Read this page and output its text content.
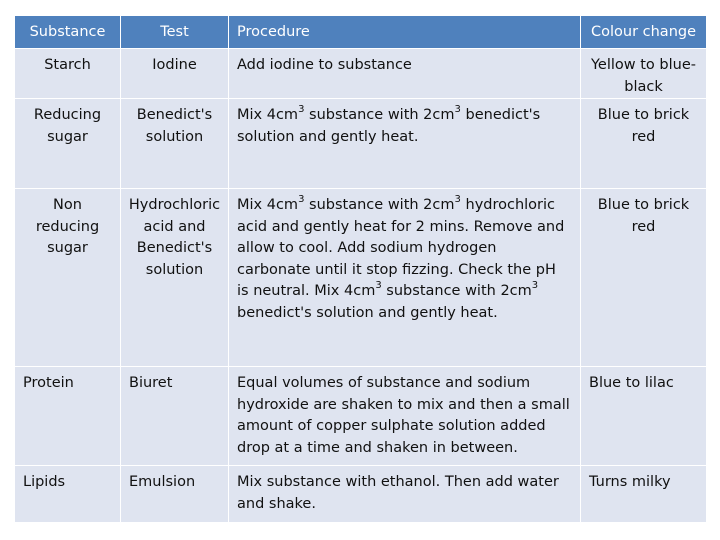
Substance	Test	Procedure	Colour change
Starch	Iodine	Add iodine to substance	Yellow to blue-black
Reducing sugar	Benedict's solution	Mix $4cm^3$ substance with $2cm^3$ benedict's solution and gently heat.	Blue to brick red
Non reducing sugar	Hydrochloric acid and Benedict's solution	Mix $4cm^3$ substance with $2cm^3$ hydrochloric acid and gently heat for 2 mins. Remove and allow to cool. Add sodium hydrogen carbonate until it stop fizzing. Check the pH is neutral. Mix $4cm^3$ substance with $2cm^3$ benedict's solution and gently heat.	Blue to brick red
Protein	Biuret	Equal volumes of substance and sodium hydroxide are shaken to mix and then a small amount of copper sulphate solution added drop at a time and shaken in between.	Blue to lilac
Lipids	Emulsion	Mix substance with ethanol. Then add water and shake.	Turns milky
